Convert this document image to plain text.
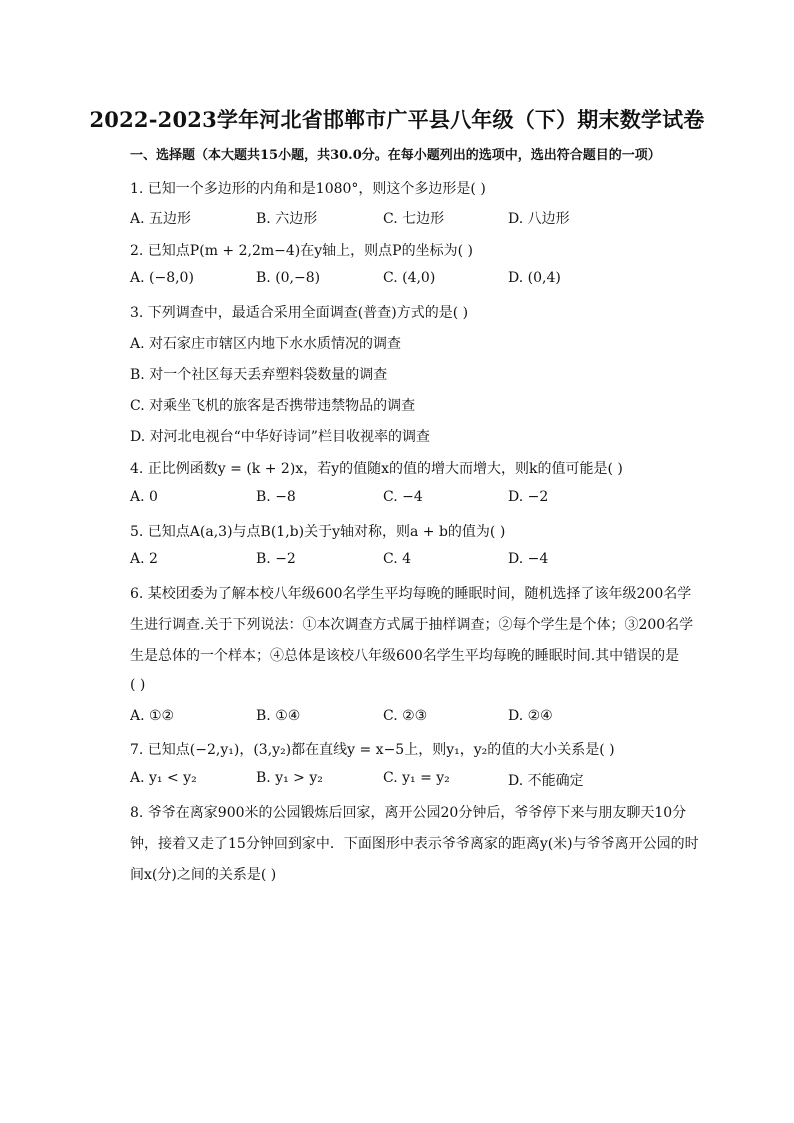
2022-2023学年河北省邯郸市广平县八年级（下）期末数学试卷
一、选择题（本大题共15小题，共30.0分。在每小题列出的选项中，选出符合题目的一项）
1. 已知一个多边形的内角和是1080°，则这个多边形是( )
A. 五边形	B. 六边形	C. 七边形	D. 八边形
2. 已知点P(m + 2,2m−4)在y轴上，则点P的坐标为( )
A. (−8,0)	B. (0,−8)	C. (4,0)	D. (0,4)
3. 下列调查中，最适合采用全面调查(普查)方式的是( )
A. 对石家庄市辖区内地下水水质情况的调查
B. 对一个社区每天丢弃塑料袋数量的调查
C. 对乘坐飞机的旅客是否携带违禁物品的调查
D. 对河北电视台“中华好诗词”栏目收视率的调查
4. 正比例函数y = (k + 2)x，若y的值随x的值的增大而增大，则k的值可能是( )
A. 0	B. −8	C. −4	D. −2
5. 已知点A(a,3)与点B(1,b)关于y轴对称，则a + b的值为( )
A. 2	B. −2	C. 4	D. −4
6. 某校团委为了解本校八年级600名学生平均每晚的睡眠时间，随机选择了该年级200名学
生进行调查.关于下列说法：①本次调查方式属于抽样调查；②每个学生是个体；③200名学
生是总体的一个样本；④总体是该校八年级600名学生平均每晚的睡眠时间.其中错误的是
( )
A. ①②	B. ①④	C. ②③	D. ②④
7. 已知点(−2,y₁)，(3,y₂)都在直线y = x−5上，则y₁，y₂的值的大小关系是( )
A. y₁ < y₂	B. y₁ > y₂	C. y₁ = y₂	D. 不能确定
8. 爷爷在离家900米的公园锻炼后回家，离开公园20分钟后，爷爷停下来与朋友聊天10分
钟，接着又走了15分钟回到家中．下面图形中表示爷爷离家的距离y(米)与爷爷离开公园的时
间x(分)之间的关系是( )
